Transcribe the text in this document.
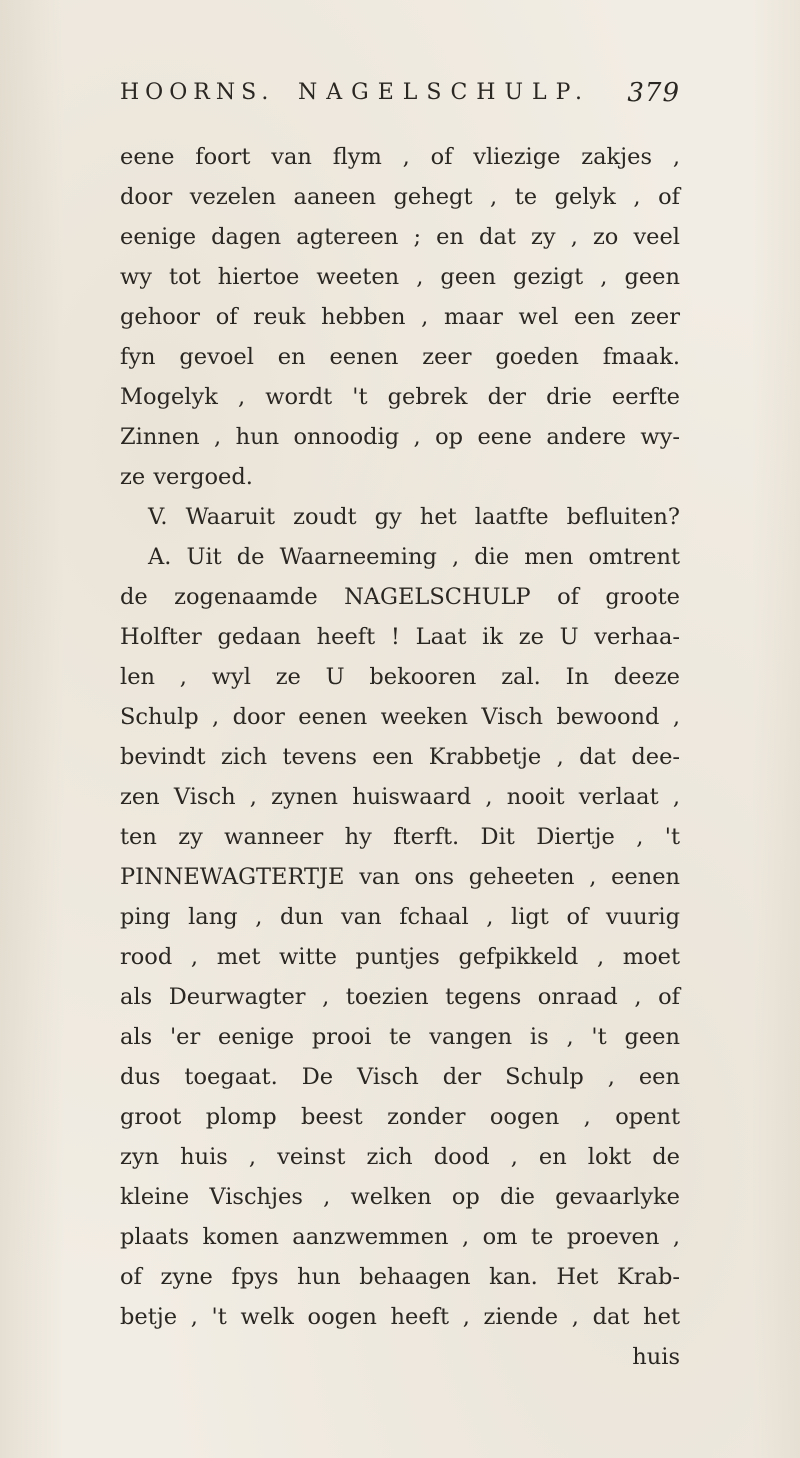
HOORNS. NAGELSCHULP. 379
eene foort van flym , of vliezige zakjes ,
door vezelen aaneen gehegt , te gelyk , of
eenige dagen agtereen ; en dat zy , zo veel
wy tot hiertoe weeten , geen gezigt , geen
gehoor of reuk hebben , maar wel een zeer
fyn gevoel en eenen zeer goeden fmaak.
Mogelyk , wordt 't gebrek der drie eerfte
Zinnen , hun onnoodig , op eene andere wy-
ze vergoed.
V. Waaruit zoudt gy het laatfte befluiten?
A. Uit de Waarneeming , die men omtrent
de zogenaamde NAGELSCHULP of groote
Holfter gedaan heeft ! Laat ik ze U verhaa-
len , wyl ze U bekooren zal. In deeze
Schulp , door eenen weeken Visch bewoond ,
bevindt zich tevens een Krabbetje , dat dee-
zen Visch , zynen huiswaard , nooit verlaat ,
ten zy wanneer hy fterft. Dit Diertje , 't
PINNEWAGTERTJE van ons geheeten , eenen
ping lang , dun van fchaal , ligt of vuurig
rood , met witte puntjes gefpikkeld , moet
als Deurwagter , toezien tegens onraad , of
als 'er eenige prooi te vangen is , 't geen
dus toegaat. De Visch der Schulp , een
groot plomp beest zonder oogen , opent
zyn huis , veinst zich dood , en lokt de
kleine Vischjes , welken op die gevaarlyke
plaats komen aanzwemmen , om te proeven ,
of zyne fpys hun behaagen kan. Het Krab-
betje , 't welk oogen heeft , ziende , dat het
huis
